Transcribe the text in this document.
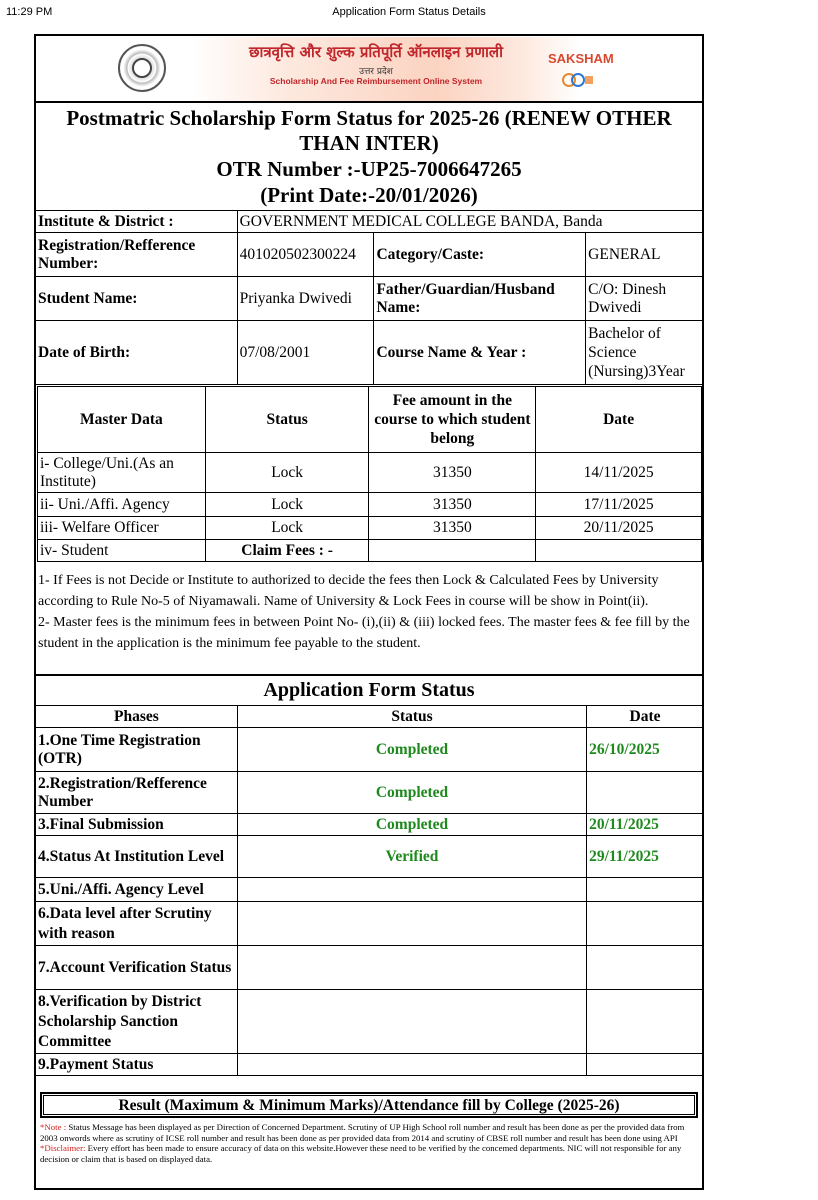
11:29 PM	Application Form Status Details
छात्रवृत्ति और शुल्क प्रतिपूर्ति ऑनलाइन प्रणाली
उत्तर प्रदेश
Scholarship And Fee Reimbursement Online System
SAKSHAM
Postmatric Scholarship Form Status for 2025-26 (RENEW OTHER
THAN INTER)
OTR Number :-UP25-7006647265
(Print Date:-20/01/2026)
Institute & District :	GOVERNMENT MEDICAL COLLEGE BANDA, Banda		
Registration/Refference Number:	401020502300224	Category/Caste:	GENERAL
Student Name:	Priyanka Dwivedi	Father/Guardian/Husband Name:	C/O: Dinesh Dwivedi
Date of Birth:	07/08/2001	Course Name & Year :	Bachelor of Science (Nursing)3Year
Master Data	Status	Fee amount in the course to which student belong	Date
i- College/Uni.(As an Institute)	Lock	31350	14/11/2025
ii- Uni./Affi. Agency	Lock	31350	17/11/2025
iii- Welfare Officer	Lock	31350	20/11/2025
iv- Student	Claim Fees : -		
1- If Fees is not Decide or Institute to authorized to decide the fees then Lock & Calculated Fees by University according to Rule No-5 of Niyamawali. Name of University & Lock Fees in course will be show in Point(ii).
2- Master fees is the minimum fees in between Point No- (i),(ii) & (iii) locked fees. The master fees & fee fill by the student in the application is the minimum fee payable to the student.
Application Form Status
Phases	Status	Date
1.One Time Registration (OTR)	Completed	26/10/2025
2.Registration/Refference Number	Completed	
3.Final Submission	Completed	20/11/2025
4.Status At Institution Level	Verified	29/11/2025
5.Uni./Affi. Agency Level		
6.Data level after Scrutiny with reason		
7.Account Verification Status		
8.Verification by District Scholarship Sanction Committee		
9.Payment Status		
Result (Maximum & Minimum Marks)/Attendance fill by College (2025-26)
*Note : Status Message has been displayed as per Direction of Concerned Department. Scrutiny of UP High School roll number and result has been done as per the provided data from 2003 onwords where as scrutiny of ICSE roll number and result has been done as per provided data from 2014 and scrutiny of CBSE roll number and result has been done using API
*Disclaimer: Every effort has been made to ensure accuracy of data on this website.However these need to be verified by the concemed departments. NIC will not responsible for any decision or claim that is based on displayed data.
